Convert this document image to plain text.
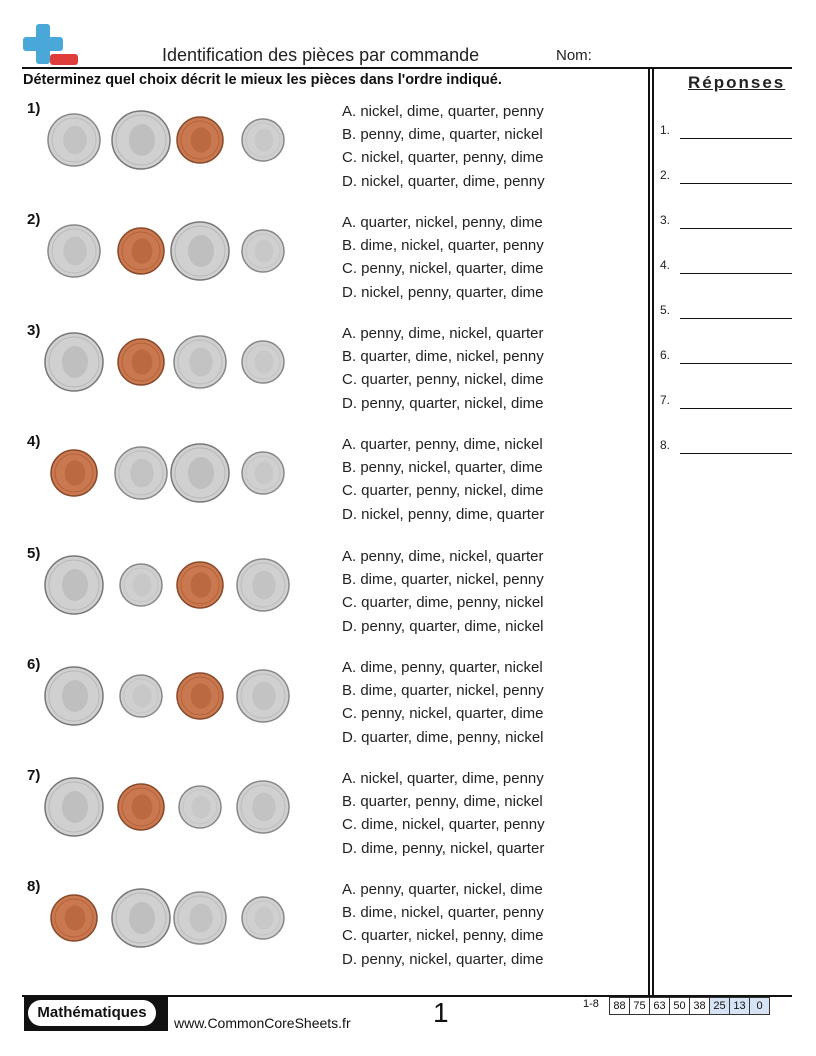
Identification des pièces par commande	Nom:
Déterminez quel choix décrit le mieux les pièces dans l'ordre indiqué.	Réponses
1.
2.
3.
4.
5.
6.
7.
8.
1)	A. nickel, dime, quarter, penny
B. penny, dime, quarter, nickel
C. nickel, quarter, penny, dime
D. nickel, quarter, dime, penny
2)	A. quarter, nickel, penny, dime
B. dime, nickel, quarter, penny
C. penny, nickel, quarter, dime
D. nickel, penny, quarter, dime
3)	A. penny, dime, nickel, quarter
B. quarter, dime, nickel, penny
C. quarter, penny, nickel, dime
D. penny, quarter, nickel, dime
4)	A. quarter, penny, dime, nickel
B. penny, nickel, quarter, dime
C. quarter, penny, nickel, dime
D. nickel, penny, dime, quarter
5)	A. penny, dime, nickel, quarter
B. dime, quarter, nickel, penny
C. quarter, dime, penny, nickel
D. penny, quarter, dime, nickel
6)	A. dime, penny, quarter, nickel
B. dime, quarter, nickel, penny
C. penny, nickel, quarter, dime
D. quarter, dime, penny, nickel
7)	A. nickel, quarter, dime, penny
B. quarter, penny, dime, nickel
C. dime, nickel, quarter, penny
D. dime, penny, nickel, quarter
8)	A. penny, quarter, nickel, dime
B. dime, nickel, quarter, penny
C. quarter, nickel, penny, dime
D. penny, nickel, quarter, dime
Mathématiques
www.CommonCoreSheets.fr	1	1-8 88	75	63	50	38	25	13	0
